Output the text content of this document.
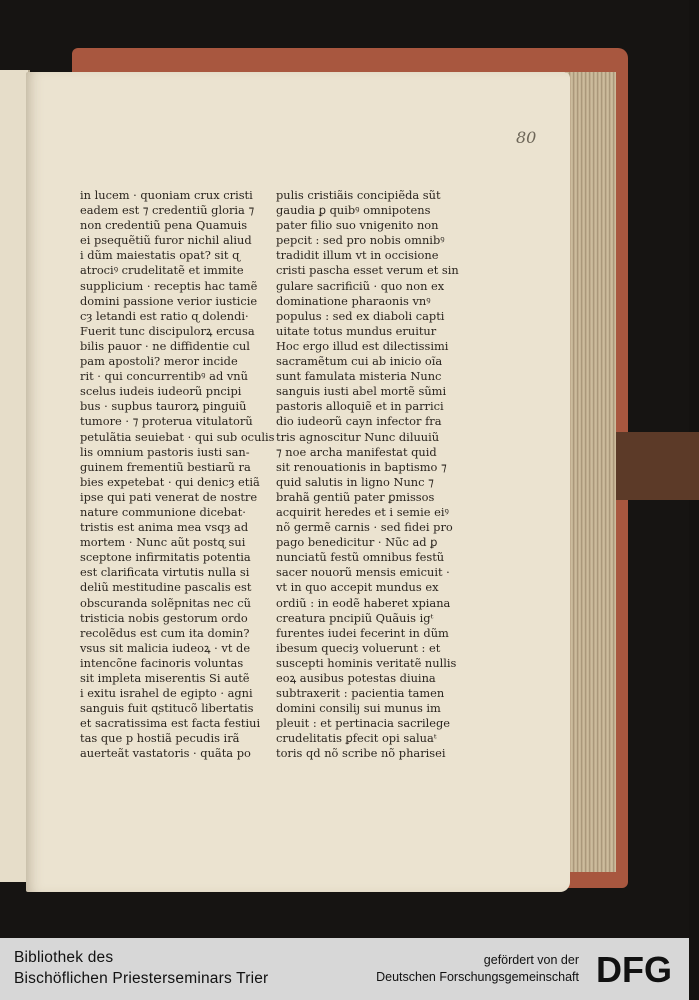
80
in lucem · quoniam crux cristi
eadem est ⁊ credentiũ gloria ⁊
non credentiũ pena Quamuis
ei psequẽtiũ furor nichil aliud
i dũm maiestatis opat? sit ɋ
atrociꝰ crudelitatẽ et immite
supplicium · receptis hac tamẽ
domini passione verior iusticie
cȝ letandi est ratio ɋ dolendi·
Fuerit tunc discipulorꝝ ercusa
bilis pauor · ne diffidentie cul
pam apostoli? meror incide
rit · qui concurrentibꝰ ad vnũ
scelus iudeis iudeorũ pncipi
bus · supbus taurorꝝ pinguiũ
tumore · ⁊ proterua vitulatorũ
petulãtia seuiebat · qui sub oculis
lis omnium pastoris iusti san-
guinem frementiũ bestiarũ ra
bies expetebat · qui denicȝ etiã
ipse qui pati venerat de nostre
nature communione dicebat·
tristis est anima mea vsqȝ ad
mortem · Nunc aũt postɋ sui
sceptone infirmitatis potentia
est clarificata virtutis nulla si
deliũ mestitudine pascalis est
obscuranda solẽpnitas nec cũ
tristicia nobis gestorum ordo
recolẽdus est cum ita domin?
vsus sit malicia iudeoꝝ · vt de
intencõne facinoris voluntas
sit impleta miserentis Si autẽ
i exitu israhel de egipto · agni
sanguis fuit ɋstitucõ libertatis
et sacratissima est facta festiui
tas que p hostiã pecudis irã
auerteãt vastatoris · quãta po
pulis cristiãis concipiẽda sũt
gaudia ꝑ quibꝰ omnipotens
pater filio suo vnigenito non
pepcit : sed pro nobis omnibꝰ
tradidit illum vt in occisione
cristi pascha esset verum et sin
gulare sacrificiũ · quo non ex
dominatione pharaonis vnꝰ
populus : sed ex diaboli capti
uitate totus mundus eruitur
Hoc ergo illud est dilectissimi
sacramẽtum cui ab inicio oĩa
sunt famulata misteria Nunc
sanguis iusti abel mortẽ sũmi
pastoris alloquiẽ et in parrici
dio iudeorũ cayn infector fra
tris agnoscitur Nunc diluuiũ
⁊ noe archa manifestat quid
sit renouationis in baptismo ⁊
quid salutis in ligno Nunc ⁊
brahã gentiũ pater ꝑmissos
acquirit heredes et i semie eiꝰ
nõ germẽ carnis · sed fidei pro
pago benedicitur · Nũc ad ꝑ
nunciatũ festũ omnibus festũ
sacer nouorũ mensis emicuit ·
vt in quo accepit mundus ex
ordiũ : in eodẽ haberet xpiana
creatura pncipiũ Quãuis igᵗ
furentes iudei fecerint in dũm
ibesum queciȝ voluerunt : et
suscepti hominis veritatẽ nullis
eoꝝ ausibus potestas diuina
subtraxerit : pacientia tamen
domini consiliȷ sui munus im
pleuit : et pertinacia sacrilege
crudelitatis ꝑfecit opi saluaᵗ
toris qd nõ scribe nõ pharisei
Bibliothek des
Bischöflichen Priesterseminars Trier
gefördert von der
Deutschen Forschungsgemeinschaft DFG
